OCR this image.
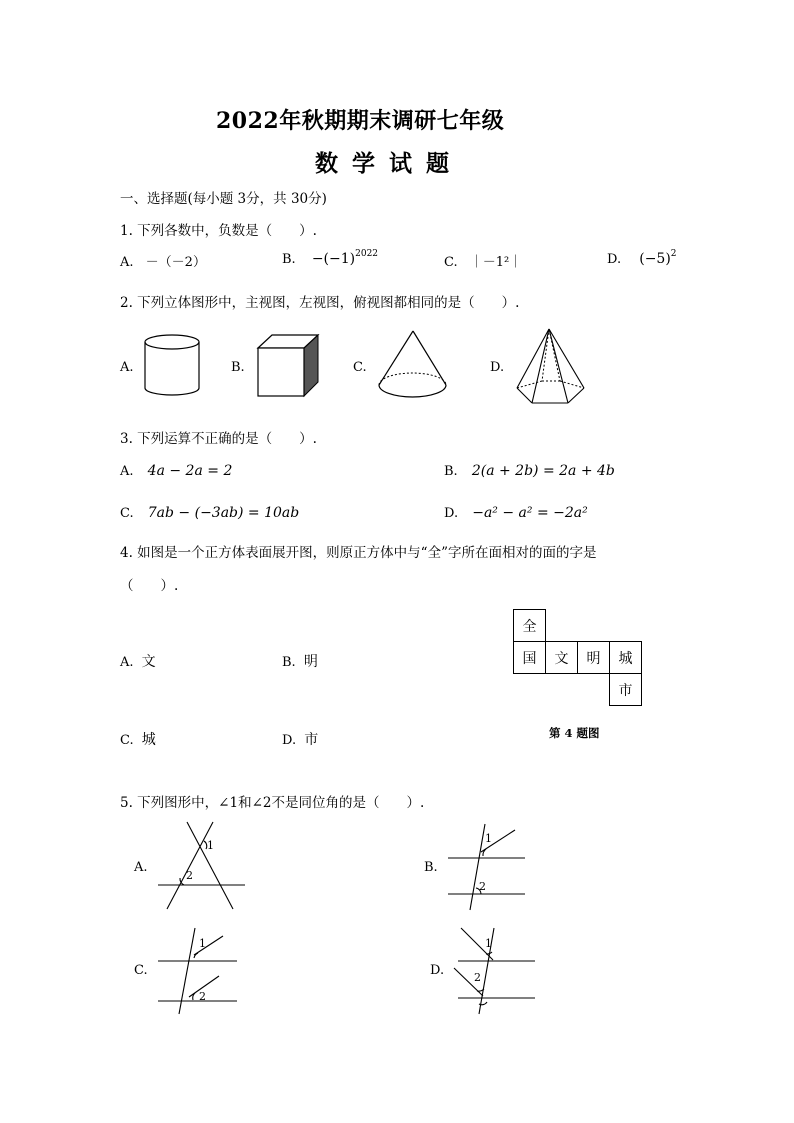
2022年秋期期末调研七年级
数学试题
一、选择题(每小题 3分，共 30分)
1. 下列各数中，负数是（　　）.
A. －（－2）	B. $-(-1)^{2022}$
C. ｜－1²｜	D. $(-5)^2$
2. 下列立体图形中，主视图，左视图，俯视图都相同的是（　　）.
A.	B.	C.	D.
3. 下列运算不正确的是（　　）.
A. 4a − 2a = 2	B. 2(a + 2b) = 2a + 4b
C. 7ab − (−3ab) = 10ab	D. −a² − a² = −2a²
4. 如图是一个正方体表面展开图，则原正方体中与“全”字所在面相对的面的字是
（　　）.
A. 文	B. 明
C. 城	D. 市
全			
国	文	明	城
			市
第 4 题图
5. 下列图形中，∠1和∠2不是同位角的是（　　）.
A.
1
2
B.
1
2
C.
1
2
D.
1
2
